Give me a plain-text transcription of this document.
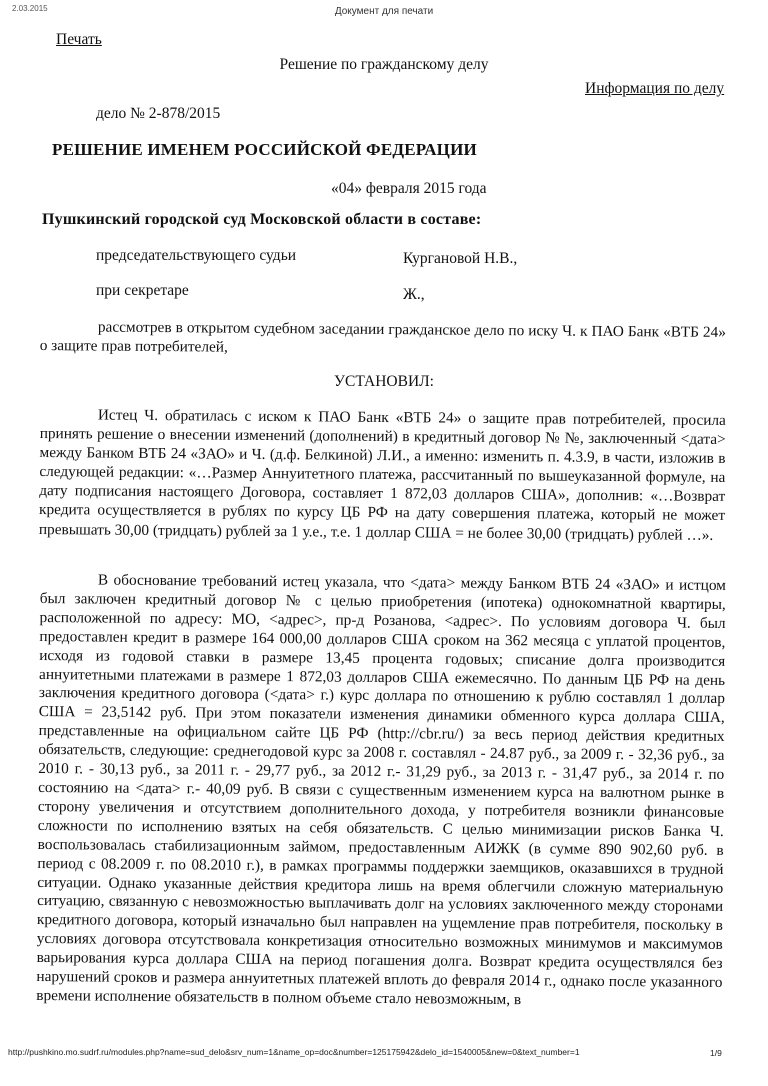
2.03.2015	Документ для печати
Печать
Решение по гражданскому делу
Информация по делу
дело № 2-878/2015
РЕШЕНИЕ ИМЕНЕМ РОССИЙСКОЙ ФЕДЕРАЦИИ
«04» февраля 2015 года
Пушкинский городской суд Московской области в составе:
председательствующего судьи	Кургановой Н.В.,
при секретаре	Ж.,

рассмотрев в открытом судебном заседании гражданское дело по иску Ч. к ПАО Банк «ВТБ 24» о защите прав потребителей,

УСТАНОВИЛ:

Истец Ч. обратилась с иском к ПАО Банк «ВТБ 24» о защите прав потребителей, просила принять решение о внесении изменений (дополнений) в кредитный договор № №, заключенный <дата> между Банком ВТБ 24 «ЗАО» и Ч. (д.ф. Белкиной) Л.И., а именно: изменить п. 4.3.9, в части, изложив в следующей редакции: «…Размер Аннуитетного платежа, рассчитанный по вышеуказанной формуле, на дату подписания настоящего Договора, составляет 1 872,03 долларов США», дополнив: «…Возврат кредита осуществляется в рублях по курсу ЦБ РФ на дату совершения платежа, который не может превышать 30,00 (тридцать) рублей за 1 у.е., т.е. 1 доллар США = не более 30,00 (тридцать) рублей …».

В обоснование требований истец указала, что <дата> между Банком ВТБ 24 «ЗАО» и истцом был заключен кредитный договор № с целью приобретения (ипотека) однокомнатной квартиры, расположенной по адресу: МО, <адрес>, пр-д Розанова, <адрес>. По условиям договора Ч. был предоставлен кредит в размере 164 000,00 долларов США сроком на 362 месяца с уплатой процентов, исходя из годовой ставки в размере 13,45 процента годовых; списание долга производится аннуитетными платежами в размере 1 872,03 долларов США ежемесячно. По данным ЦБ РФ на день заключения кредитного договора (<дата> г.) курс доллара по отношению к рублю составлял 1 доллар США = 23,5142 руб. При этом показатели изменения динамики обменного курса доллара США, представленные на официальном сайте ЦБ РФ (http://cbr.ru/) за весь период действия кредитных обязательств, следующие: среднегодовой курс за 2008 г. составлял - 24.87 руб., за 2009 г. - 32,36 руб., за 2010 г. - 30,13 руб., за 2011 г. - 29,77 руб., за 2012 г.- 31,29 руб., за 2013 г. - 31,47 руб., за 2014 г. по состоянию на <дата> г.- 40,09 руб. В связи с существенным изменением курса на валютном рынке в сторону увеличения и отсутствием дополнительного дохода, у потребителя возникли финансовые сложности по исполнению взятых на себя обязательств. С целью минимизации рисков Банка Ч. воспользовалась стабилизационным займом, предоставленным АИЖК (в сумме 890 902,60 руб. в период с 08.2009 г. по 08.2010 г.), в рамках программы поддержки заемщиков, оказавшихся в трудной ситуации. Однако указанные действия кредитора лишь на время облегчили сложную материальную ситуацию, связанную с невозможностью выплачивать долг на условиях заключенного между сторонами кредитного договора, который изначально был направлен на ущемление прав потребителя, поскольку в условиях договора отсутствовала конкретизация относительно возможных минимумов и максимумов варьирования курса доллара США на период погашения долга. Возврат кредита осуществлялся без нарушений сроков и размера аннуитетных платежей вплоть до февраля 2014 г., однако после указанного времени исполнение обязательств в полном объеме стало невозможным, в

http://pushkino.mo.sudrf.ru/modules.php?name=sud_delo&srv_num=1&name_op=doc&number=125175942&delo_id=1540005&new=0&text_number=1	1/9
